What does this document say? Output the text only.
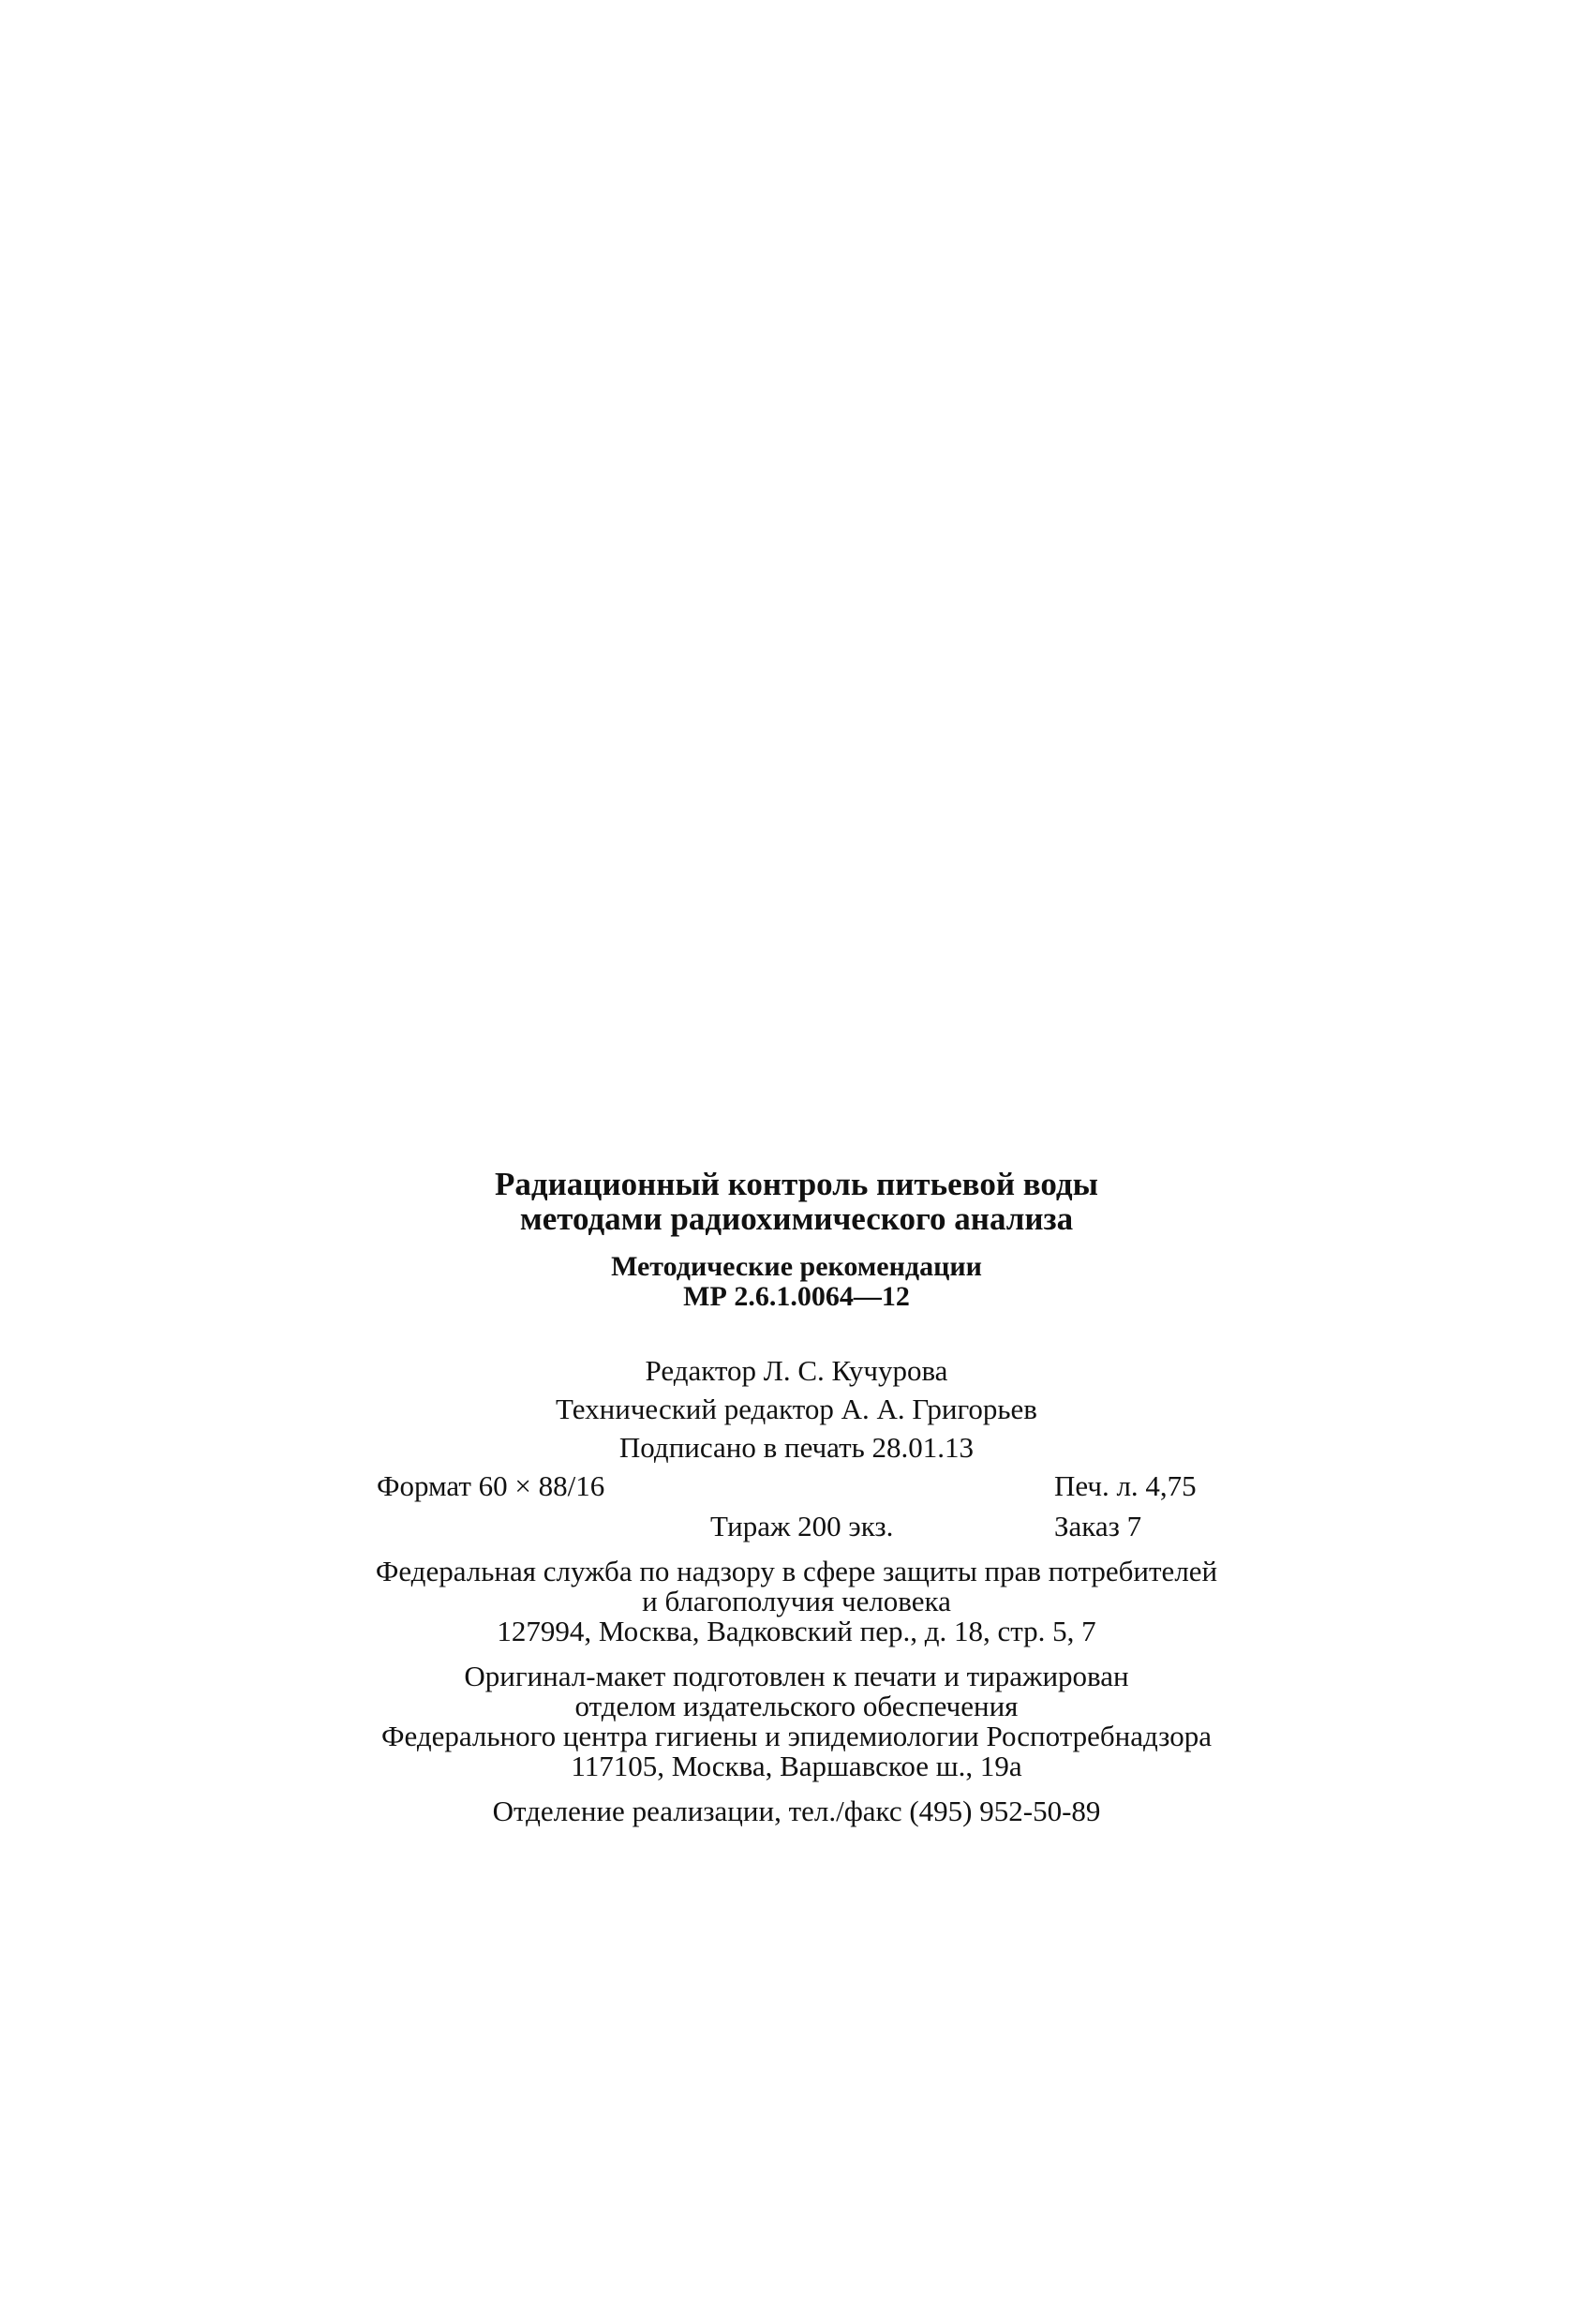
Радиационный контроль питьевой воды
методами радиохимического анализа
Методические рекомендации
МР 2.6.1.0064—12
Редактор Л. С. Кучурова
Технический редактор А. А. Григорьев
Подписано в печать 28.01.13
Формат 60 × 88/16	Печ. л. 4,75
Тираж 200 экз.	Заказ 7
Федеральная служба по надзору в сфере защиты прав потребителей
и благополучия человека
127994, Москва, Вадковский пер., д. 18, стр. 5, 7
Оригинал-макет подготовлен к печати и тиражирован
отделом издательского обеспечения
Федерального центра гигиены и эпидемиологии Роспотребнадзора
117105, Москва, Варшавское ш., 19а
Отделение реализации, тел./факс (495) 952-50-89
